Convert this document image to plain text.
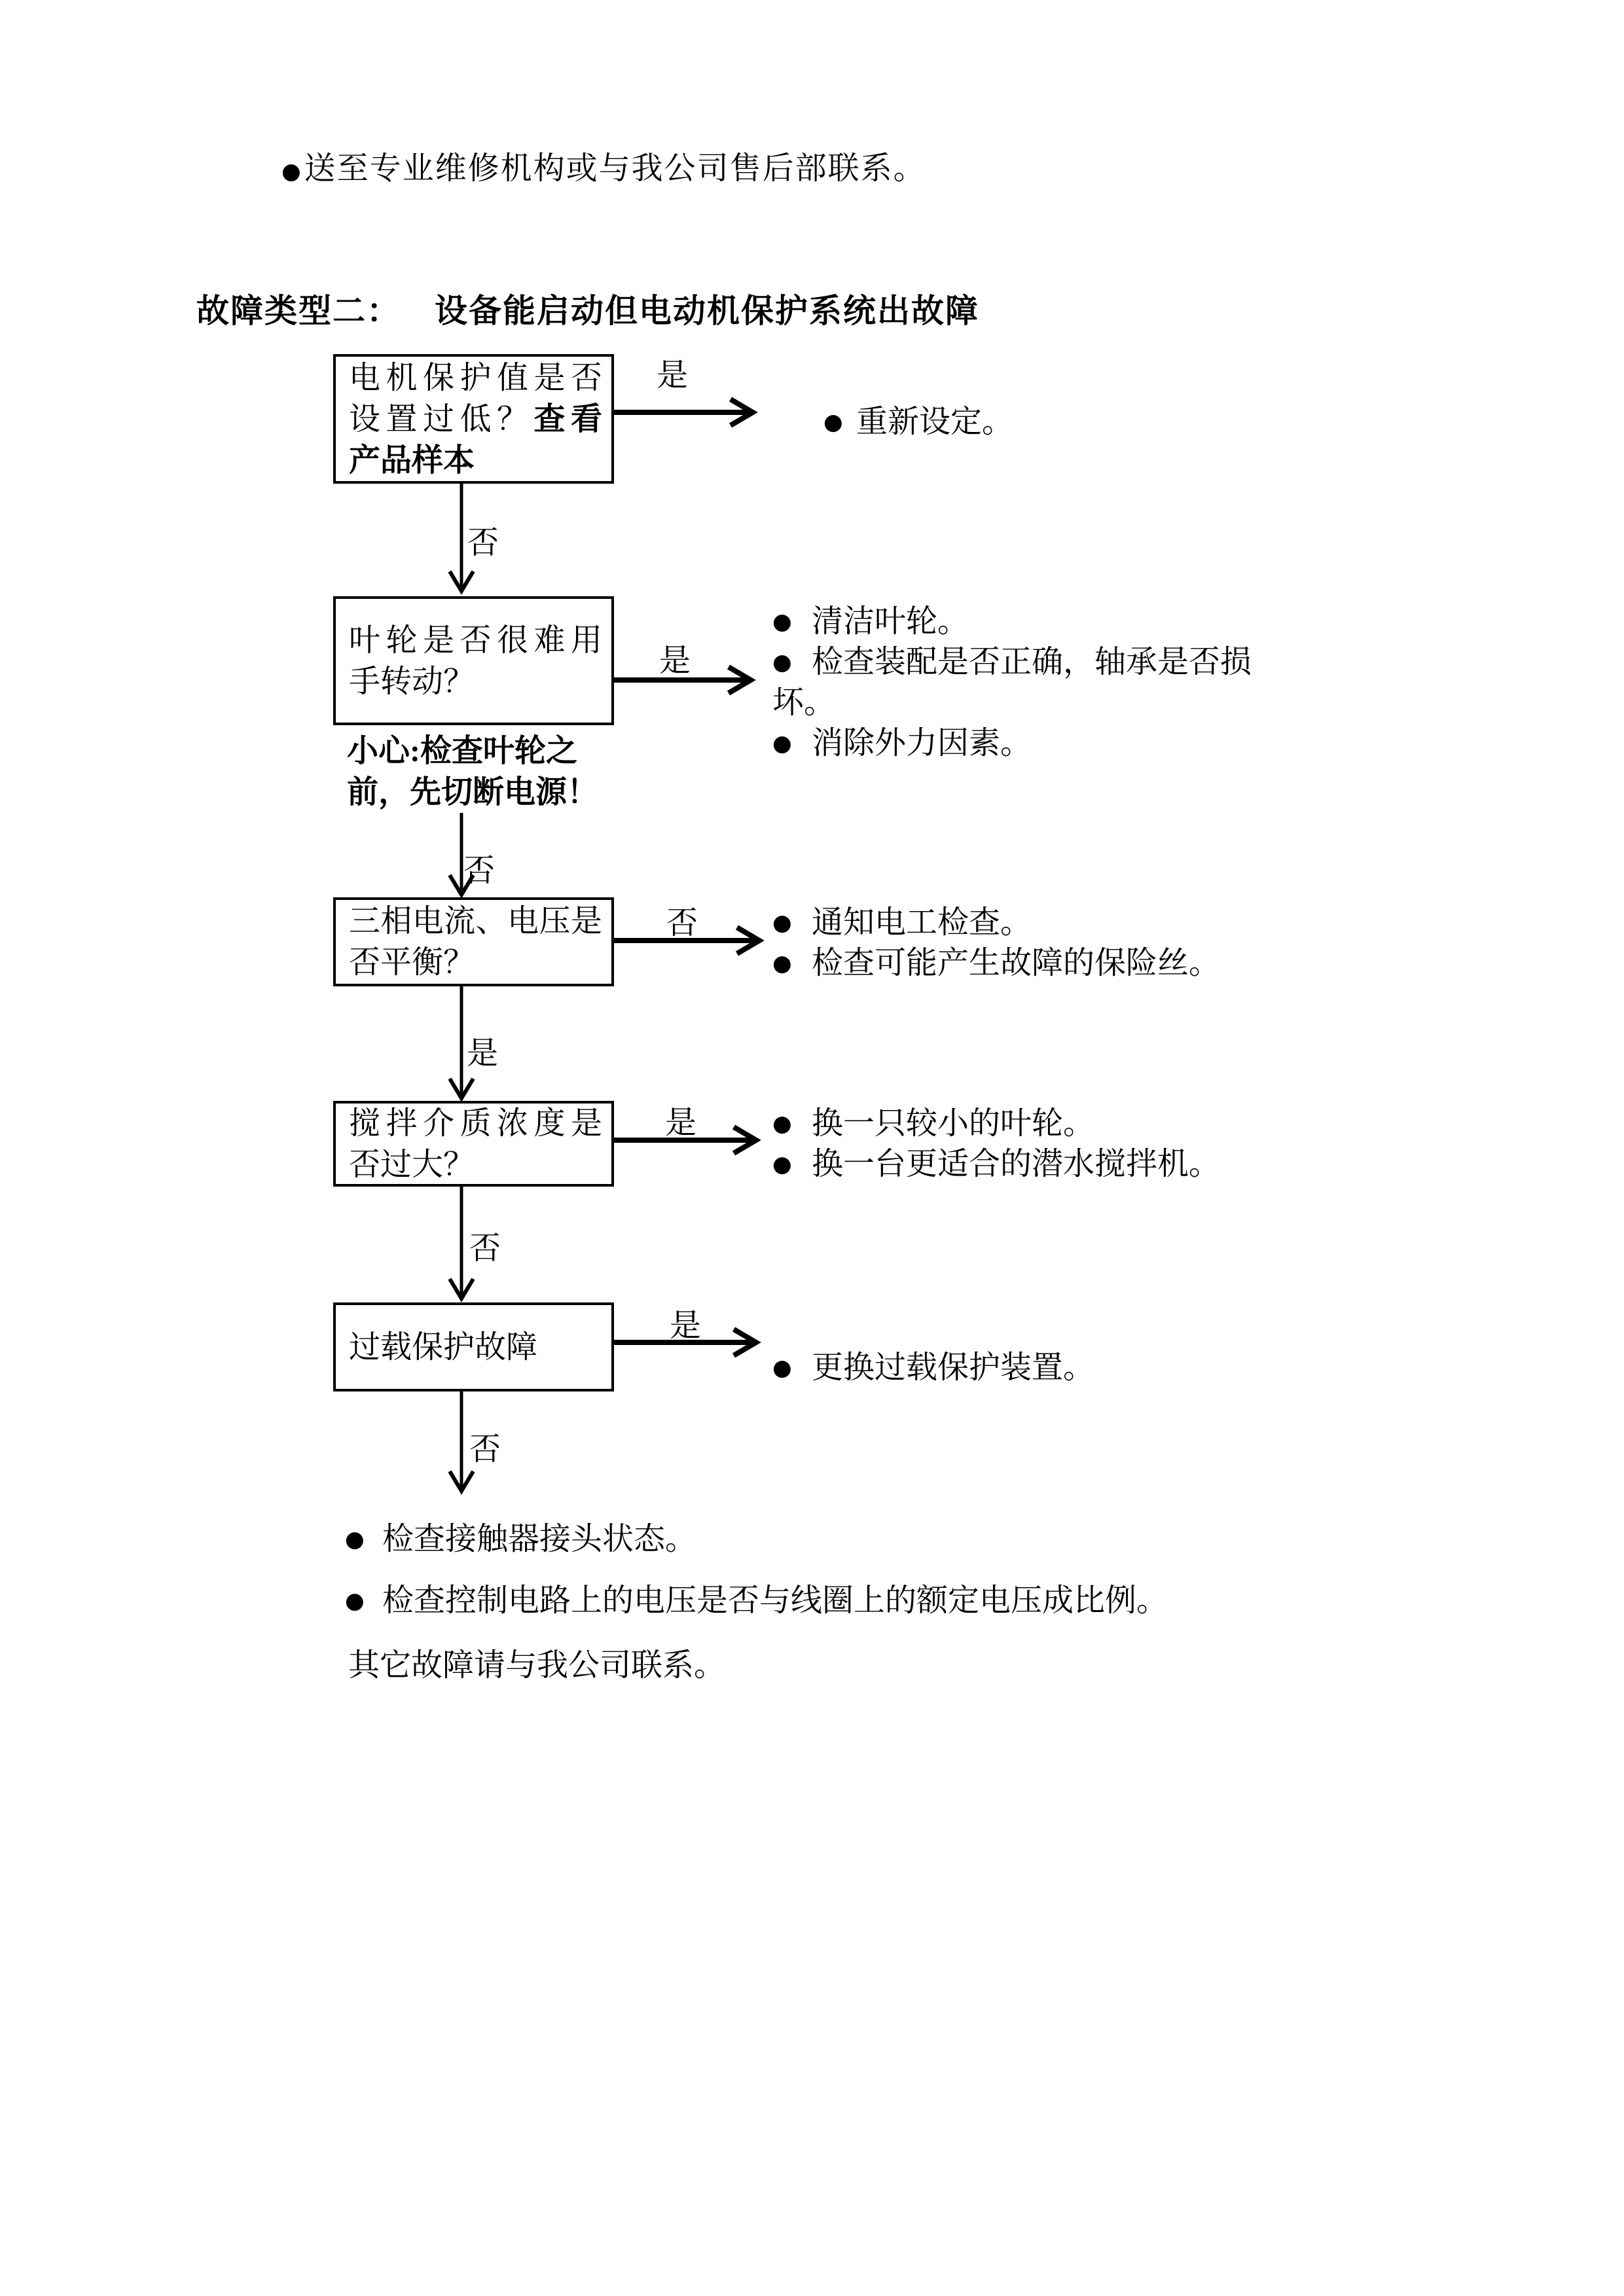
●送至专业维修机构或与我公司售后部联系。
故障类型二： 设备能启动但电动机保护系统出故障
电机保护值是否
设置过低？查看
产品样本
叶轮是否很难用
手转动？
小心:检查叶轮之
前，先切断电源！
三相电流、电压是
否平衡？
搅拌介质浓度是
否过大？
过载保护故障
是
否
是
否
否
是
是
否
是
否
● 重新设定。
● 清洁叶轮。
● 检查装配是否正确，轴承是否损
坏。
● 消除外力因素。
● 通知电工检查。
● 检查可能产生故障的保险丝。
● 换一只较小的叶轮。
● 换一台更适合的潜水搅拌机。
● 更换过载保护装置。
● 检查接触器接头状态。
● 检查控制电路上的电压是否与线圈上的额定电压成比例。
其它故障请与我公司联系。
